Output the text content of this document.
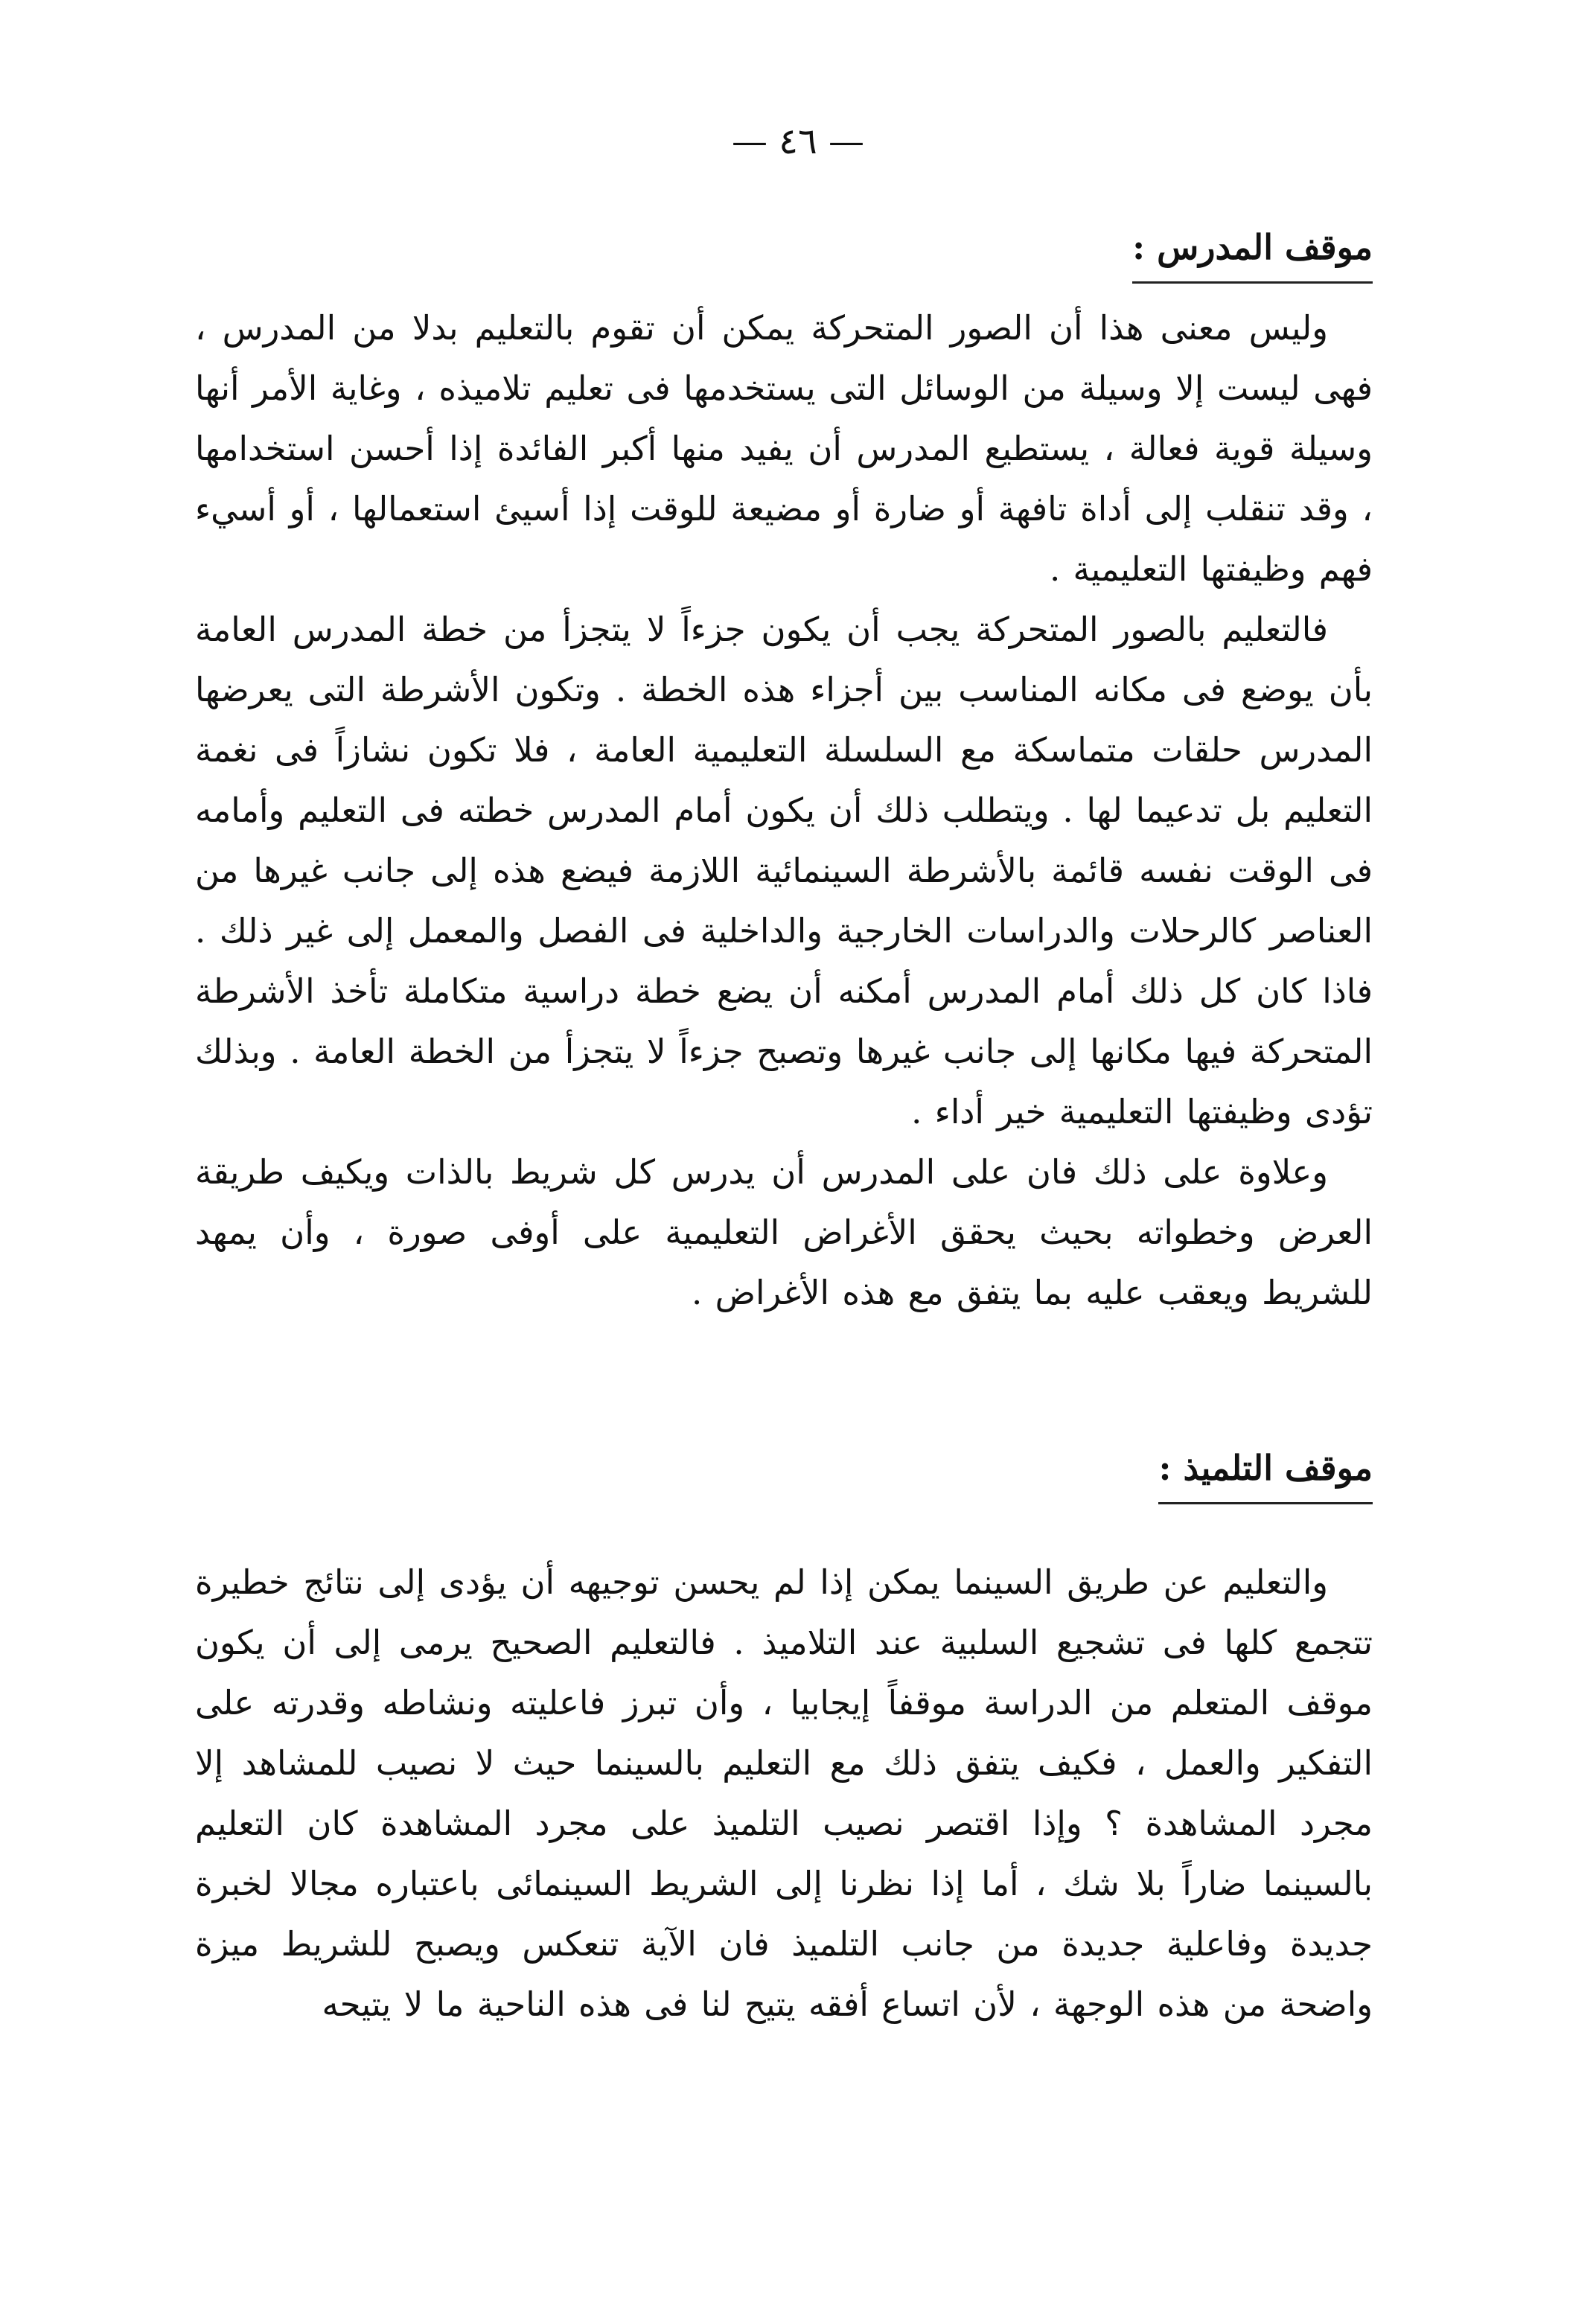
— ٤٦ —
موقف المدرس :

وليس معنى هذا أن الصور المتحركة يمكن أن تقوم بالتعليم بدلا من المدرس ، فهى ليست إلا وسيلة من الوسائل التى يستخدمها فى تعليم تلاميذه ، وغاية الأمر أنها وسيلة قوية فعالة ، يستطيع المدرس أن يفيد منها أكبر الفائدة إذا أحسن استخدامها ، وقد تنقلب إلى أداة تافهة أو ضارة أو مضيعة للوقت إذا أسيئ استعمالها ، أو أسيء فهم وظيفتها التعليمية .

فالتعليم بالصور المتحركة يجب أن يكون جزءاً لا يتجزأ من خطة المدرس العامة بأن يوضع فى مكانه المناسب بين أجزاء هذه الخطة . وتكون الأشرطة التى يعرضها المدرس حلقات متماسكة مع السلسلة التعليمية العامة ، فلا تكون نشازاً فى نغمة التعليم بل تدعيما لها . ويتطلب ذلك أن يكون أمام المدرس خطته فى التعليم وأمامه فى الوقت نفسه قائمة بالأشرطة السينمائية اللازمة فيضع هذه إلى جانب غيرها من العناصر كالرحلات والدراسات الخارجية والداخلية فى الفصل والمعمل إلى غير ذلك . فاذا كان كل ذلك أمام المدرس أمكنه أن يضع خطة دراسية متكاملة تأخذ الأشرطة المتحركة فيها مكانها إلى جانب غيرها وتصبح جزءاً لا يتجزأ من الخطة العامة . وبذلك تؤدى وظيفتها التعليمية خير أداء .

وعلاوة على ذلك فان على المدرس أن يدرس كل شريط بالذات ويكيف طريقة العرض وخطواته بحيث يحقق الأغراض التعليمية على أوفى صورة ، وأن يمهد للشريط ويعقب عليه بما يتفق مع هذه الأغراض .

موقف التلميذ :

والتعليم عن طريق السينما يمكن إذا لم يحسن توجيهه أن يؤدى إلى نتائج خطيرة تتجمع كلها فى تشجيع السلبية عند التلاميذ . فالتعليم الصحيح يرمى إلى أن يكون موقف المتعلم من الدراسة موقفاً إيجابيا ، وأن تبرز فاعليته ونشاطه وقدرته على التفكير والعمل ، فكيف يتفق ذلك مع التعليم بالسينما حيث لا نصيب للمشاهد إلا مجرد المشاهدة ؟ وإذا اقتصر نصيب التلميذ على مجرد المشاهدة كان التعليم بالسينما ضاراً بلا شك ، أما إذا نظرنا إلى الشريط السينمائى باعتباره مجالا لخبرة جديدة وفاعلية جديدة من جانب التلميذ فان الآية تنعكس ويصبح للشريط ميزة واضحة من هذه الوجهة ، لأن اتساع أفقه يتيح لنا فى هذه الناحية ما لا يتيحه
